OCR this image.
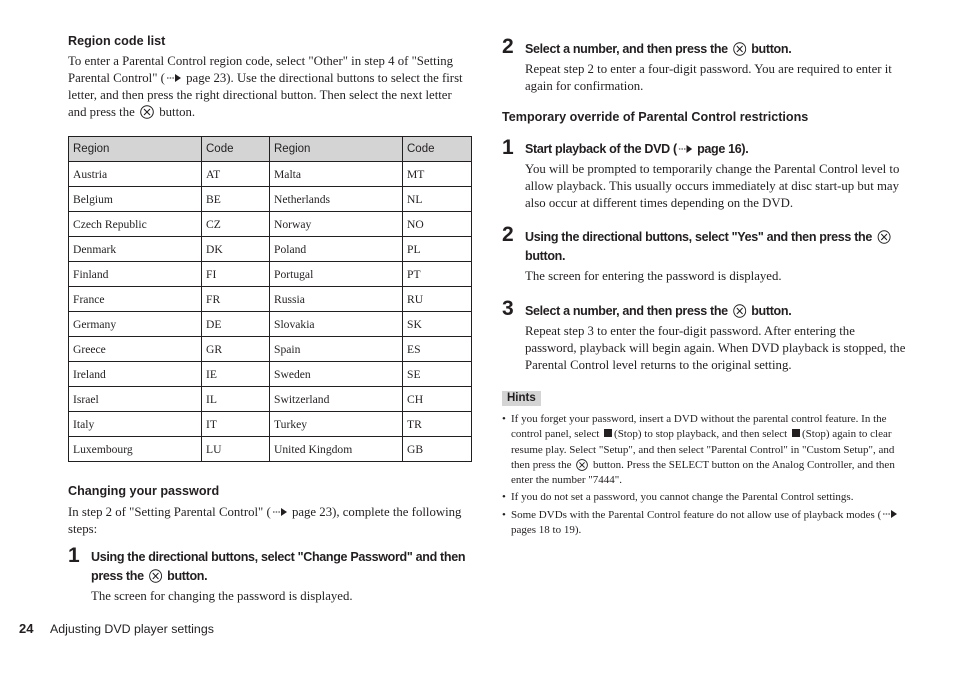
Region code list

To enter a Parental Control region code, select "Other" in step 4 of "Setting Parental Control" ( page 23). Use the directional buttons to select the first letter, and then press the right directional button. Then select the next letter and press the button.

Region	Code	Region	Code
Austria	AT	Malta	MT
Belgium	BE	Netherlands	NL
Czech Republic	CZ	Norway	NO
Denmark	DK	Poland	PL
Finland	FI	Portugal	PT
France	FR	Russia	RU
Germany	DE	Slovakia	SK
Greece	GR	Spain	ES
Ireland	IE	Sweden	SE
Israel	IL	Switzerland	CH
Italy	IT	Turkey	TR
Luxembourg	LU	United Kingdom	GB
Changing your password

In step 2 of "Setting Parental Control" ( page 23), complete the following steps:

1 Using the directional buttons, select "Change Password" and then press the button.

The screen for changing the password is displayed.

2 Select a number, and then press the button.

Repeat step 2 to enter a four-digit password. You are required to enter it again for confirmation.

Temporary override of Parental Control restrictions
1 Start playback of the DVD ( page 16).

You will be prompted to temporarily change the Parental Control level to allow playback. This usually occurs immediately at disc start-up but may also occur at different times depending on the DVD.

2 Using the directional buttons, select "Yes" and then press the
button.

The screen for entering the password is displayed.

3 Select a number, and then press the button.

Repeat step 3 to enter the four-digit password. After entering the password, playback will begin again. When DVD playback is stopped, the Parental Control level returns to the original setting.

Hints
• If you forget your password, insert a DVD without the parental control feature. In the control panel, select (Stop) to stop playback, and then select (Stop) again to clear resume play. Select "Setup", and then select "Parental Control" in "Custom Setup", and then press the button. Press the SELECT button on the Analog Controller, and then enter the number "7444".
• If you do not set a password, you cannot change the Parental Control settings.
• Some DVDs with the Parental Control feature do not allow use of playback modes (
pages 18 to 19).
24 Adjusting DVD player settings
